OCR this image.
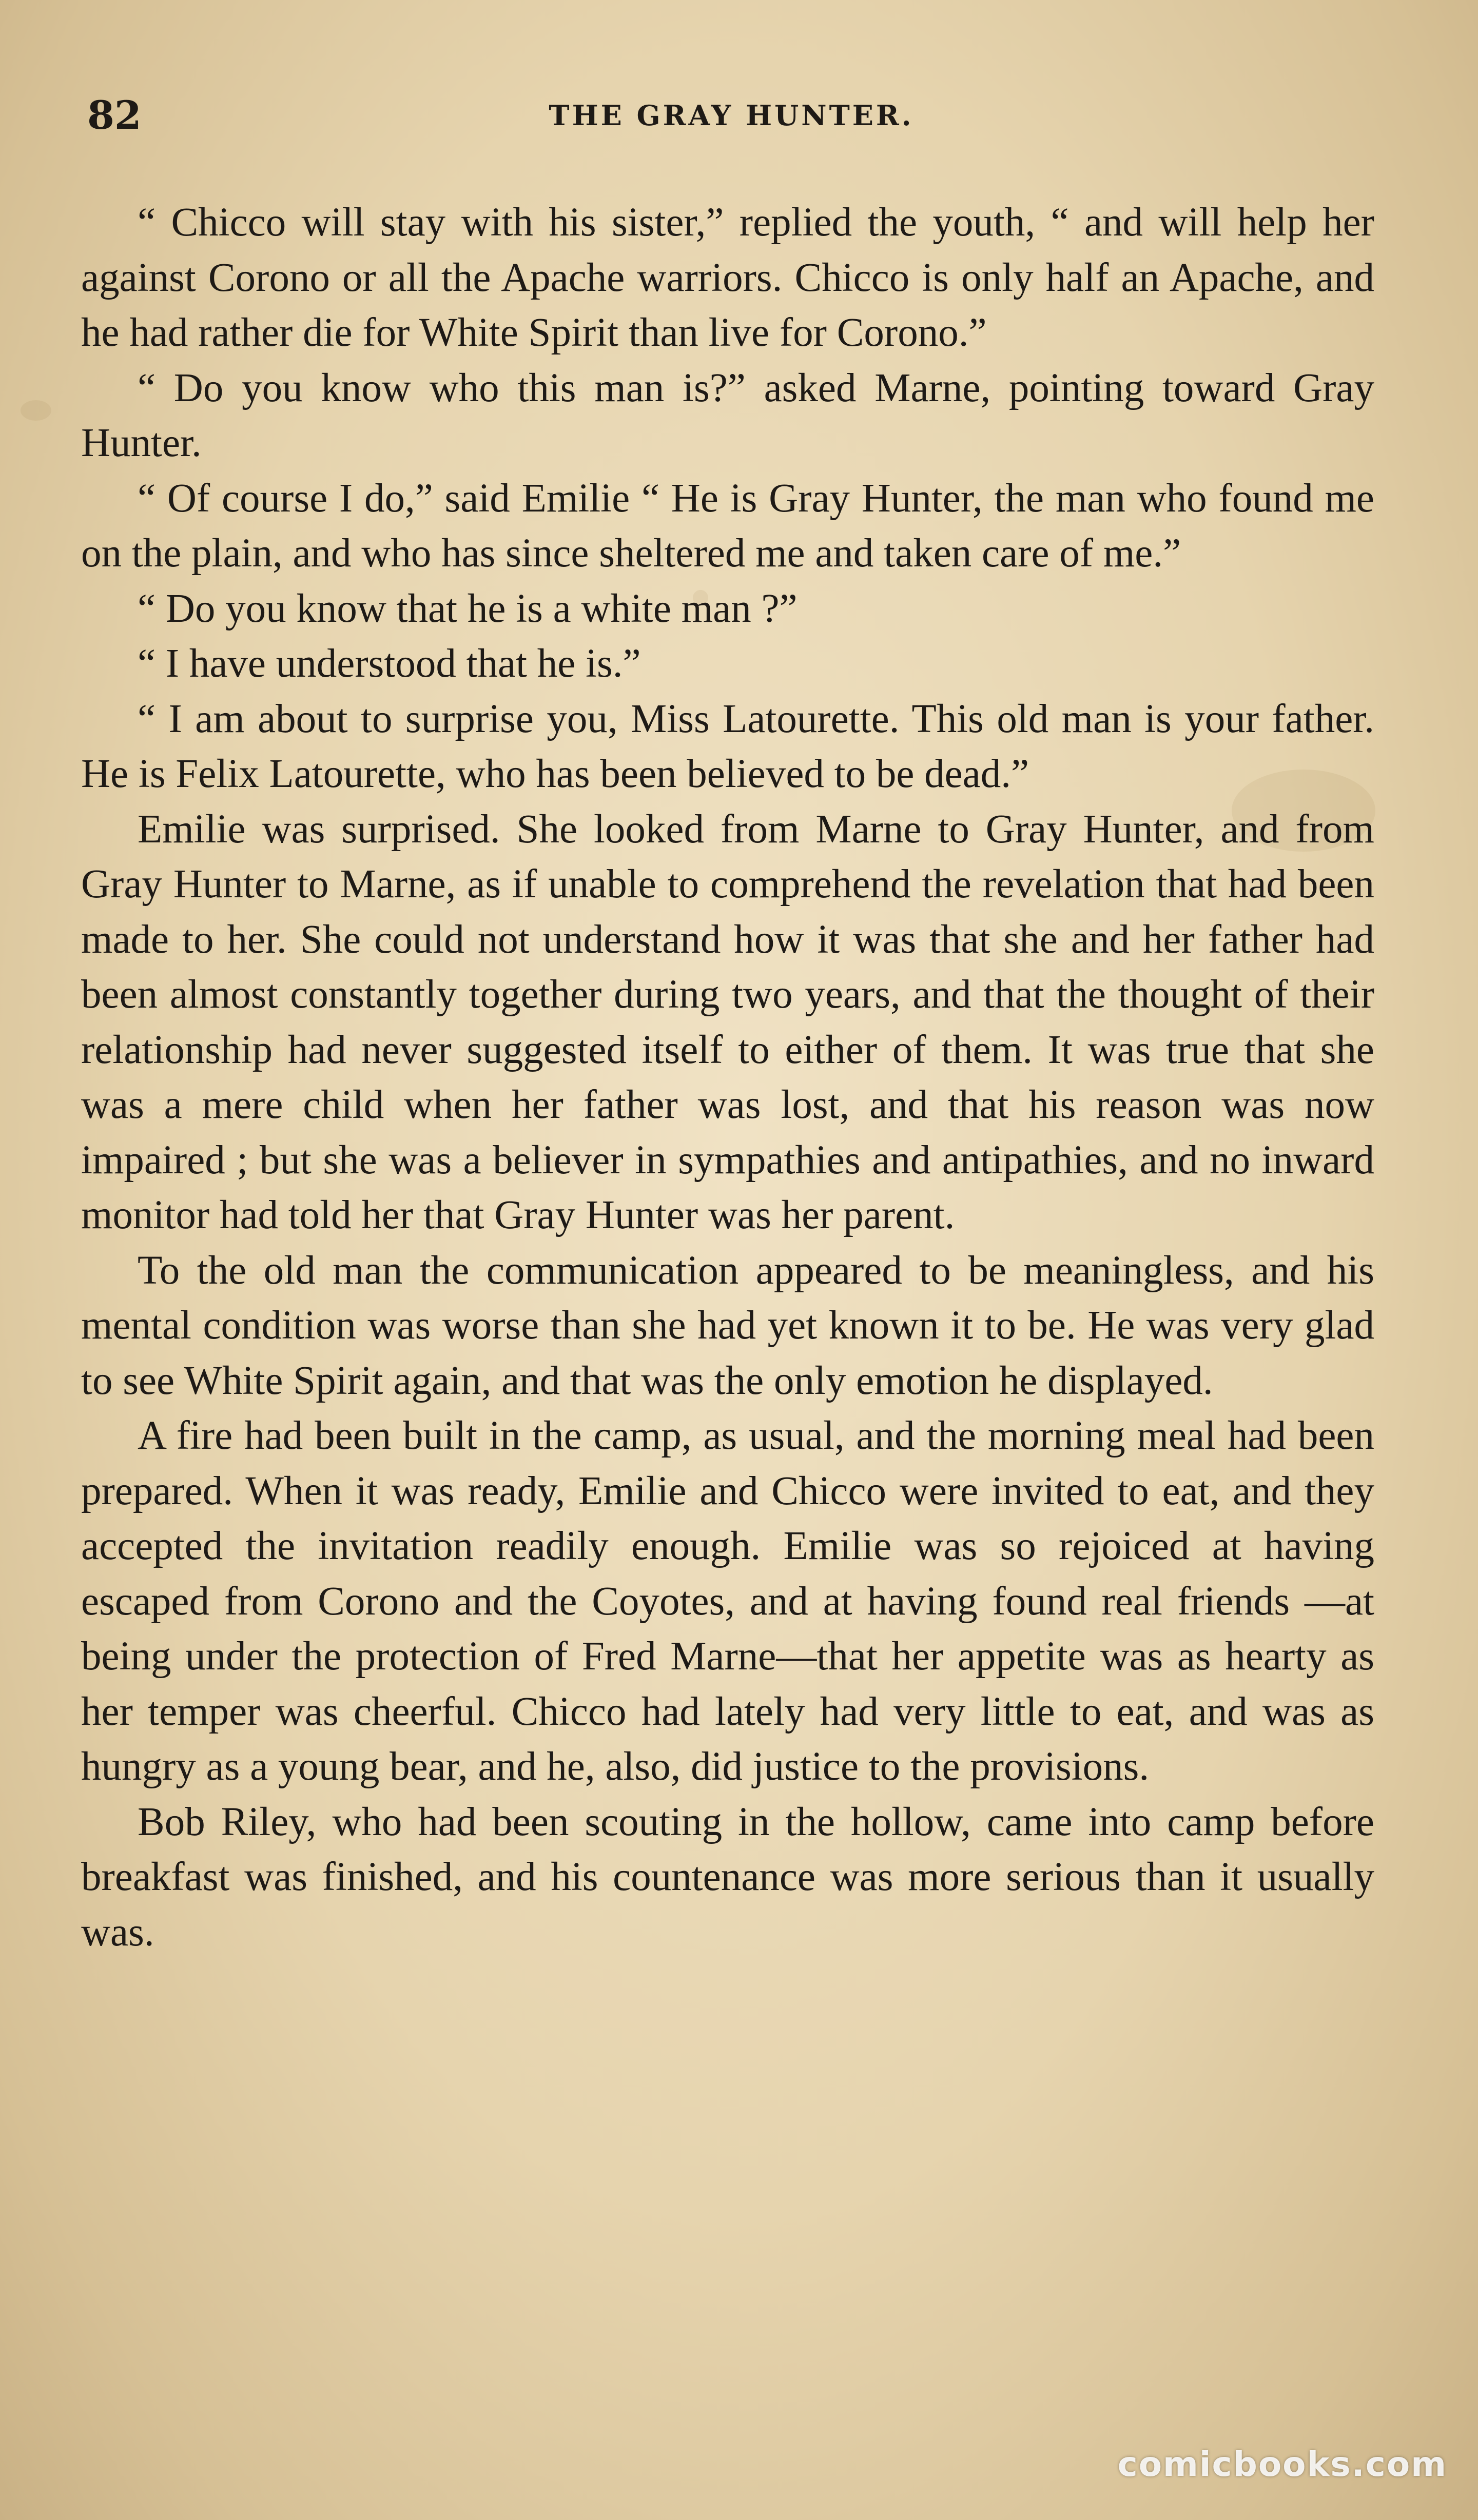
82	THE GRAY HUNTER.

“ Chicco will stay with his sister,” replied the youth, “ and will help her against Corono or all the Apache warriors. Chicco is only half an Apache, and he had rather die for White Spirit than live for Corono.”

“ Do you know who this man is?” asked Marne, pointing toward Gray Hunter.

“ Of course I do,” said Emilie “ He is Gray Hunter, the man who found me on the plain, and who has since sheltered me and taken care of me.”

“ Do you know that he is a white man ?”

“ I have understood that he is.”

“ I am about to surprise you, Miss Latourette. This old man is your father. He is Felix Latourette, who has been believed to be dead.”

Emilie was surprised. She looked from Marne to Gray Hunter, and from Gray Hunter to Marne, as if unable to comprehend the revelation that had been made to her. She could not understand how it was that she and her father had been almost constantly together during two years, and that the thought of their relationship had never suggested itself to either of them. It was true that she was a mere child when her father was lost, and that his reason was now impaired ; but she was a believer in sympathies and antipathies, and no inward monitor had told her that Gray Hunter was her parent.

To the old man the communication appeared to be meaningless, and his mental condition was worse than she had yet known it to be. He was very glad to see White Spirit again, and that was the only emotion he displayed.

A fire had been built in the camp, as usual, and the morning meal had been prepared. When it was ready, Emilie and Chicco were invited to eat, and they accepted the invitation readily enough. Emilie was so rejoiced at having escaped from Corono and the Coyotes, and at having found real friends —at being under the protection of Fred Marne—that her appetite was as hearty as her temper was cheerful. Chicco had lately had very little to eat, and was as hungry as a young bear, and he, also, did justice to the provisions.

Bob Riley, who had been scouting in the hollow, came into camp before breakfast was finished, and his countenance was more serious than it usually was.

comicbooks.com
